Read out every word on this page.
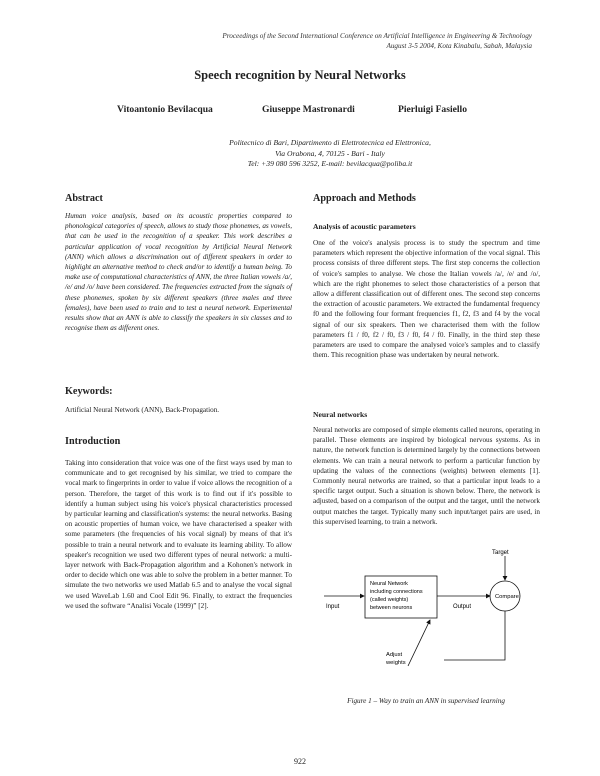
Proceedings of the Second International Conference on Artificial Intelligence in Engineering & Technology
August 3-5 2004, Kota Kinabalu, Sabah, Malaysia
Speech recognition by Neural Networks
Vitoantonio Bevilacqua	Giuseppe Mastronardi	Pierluigi Fasiello
Politecnico di Bari, Dipartimento di Elettrotecnica ed Elettronica,
Via Orabona, 4, 70125 - Bari - Italy
Tel: +39 080 596 3252, E-mail: bevilacqua@poliba.it
Abstract
Human voice analysis, based on its acoustic properties compared to phonological categories of speech, allows to study those phonemes, as vowels, that can be used in the recognition of a speaker. This work describes a particular application of vocal recognition by Artificial Neural Network (ANN) which allows a discrimination out of different speakers in order to highlight an alternative method to check and/or to identify a human being. To make use of computational characteristics of ANN, the three Italian vowels /a/, /e/ and /o/ have been considered. The frequencies extracted from the signals of these phonemes, spoken by six different speakers (three males and three females), have been used to train and to test a neural network. Experimental results show that an ANN is able to classify the speakers in six classes and to recognise them as different ones.
Keywords:
Artificial Neural Network (ANN), Back-Propagation.
Introduction
Taking into consideration that voice was one of the first ways used by man to communicate and to get recognised by his similar, we tried to compare the vocal mark to fingerprints in order to value if voice allows the recognition of a person. Therefore, the target of this work is to find out if it's possible to identify a human subject using his voice's physical characteristics processed by particular learning and classification's systems: the neural networks. Basing on acoustic properties of human voice, we have characterised a speaker with some parameters (the frequencies of his vocal signal) by means of that it's possible to train a neural network and to evaluate its learning ability. To allow speaker's recognition we used two different types of neural network: a multi-layer network with Back-Propagation algorithm and a Kohonen's network in order to decide which one was able to solve the problem in a better manner. To simulate the two networks we used Matlab 6.5 and to analyse the vocal signal we used WaveLab 1.60 and Cool Edit 96. Finally, to extract the frequencies we used the software “Analisi Vocale (1999)” [2].
Approach and Methods
Analysis of acoustic parameters
One of the voice's analysis process is to study the spectrum and time parameters which represent the objective information of the vocal signal. This process consists of three different steps. The first step concerns the collection of voice's samples to analyse. We chose the Italian vowels /a/, /e/ and /o/, which are the right phonemes to select those characteristics of a person that allow a different classification out of different ones. The second step concerns the extraction of acoustic parameters. We extracted the fundamental frequency f0 and the following four formant frequencies f1, f2, f3 and f4 by the vocal signal of our six speakers. Then we characterised them with the follow parameters f1 / f0, f2 / f0, f3 / f0, f4 / f0. Finally, in the third step these parameters are used to compare the analysed voice's samples and to classify them. This recognition phase was undertaken by neural network.
Neural networks
Neural networks are composed of simple elements called neurons, operating in parallel. These elements are inspired by biological nervous systems. As in nature, the network function is determined largely by the connections between elements. We can train a neural network to perform a particular function by updating the values of the connections (weights) between elements [1]. Commonly neural networks are trained, so that a particular input leads to a specific target output. Such a situation is shown below. There, the network is adjusted, based on a comparison of the output and the target, until the network output matches the target. Typically many such input/target pairs are used, in this supervised learning, to train a network.
Input
Neural Network
including connections
(called weights)
between neurons	Output
Compare
Target
Adjust
weights
Figure 1 – Way to train an ANN in supervised learning
922
